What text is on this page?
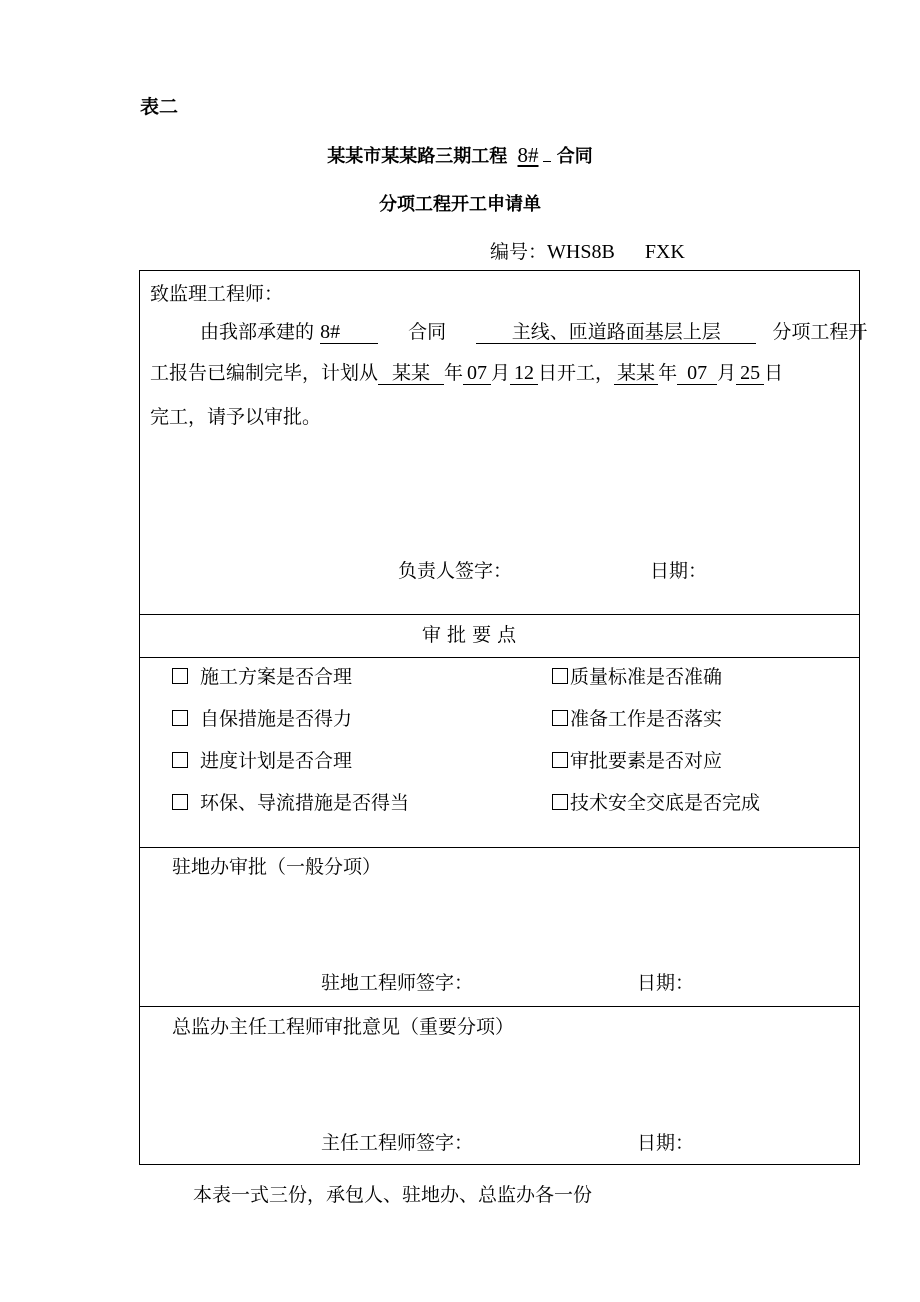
表二
某某市某某路三期工程 8# 合同
分项工程开工申请单
编号：WHS8B FXK
致监理工程师：
由我部承建的 8#	合同	主线、匝道路面基层上层	分项工程开
工报告已编制完毕，计划从 某某 年 07 月 12 日开工， 某某 年 07 月 25 日
完工，请予以审批。
负责人签字：	日期：
审 批 要 点
施工方案是否合理	质量标准是否准确
自保措施是否得力	准备工作是否落实
进度计划是否合理	审批要素是否对应
环保、导流措施是否得当	技术安全交底是否完成
驻地办审批（一般分项）
驻地工程师签字：	日期：
总监办主任工程师审批意见（重要分项）
主任工程师签字：	日期：
本表一式三份，承包人、驻地办、总监办各一份
